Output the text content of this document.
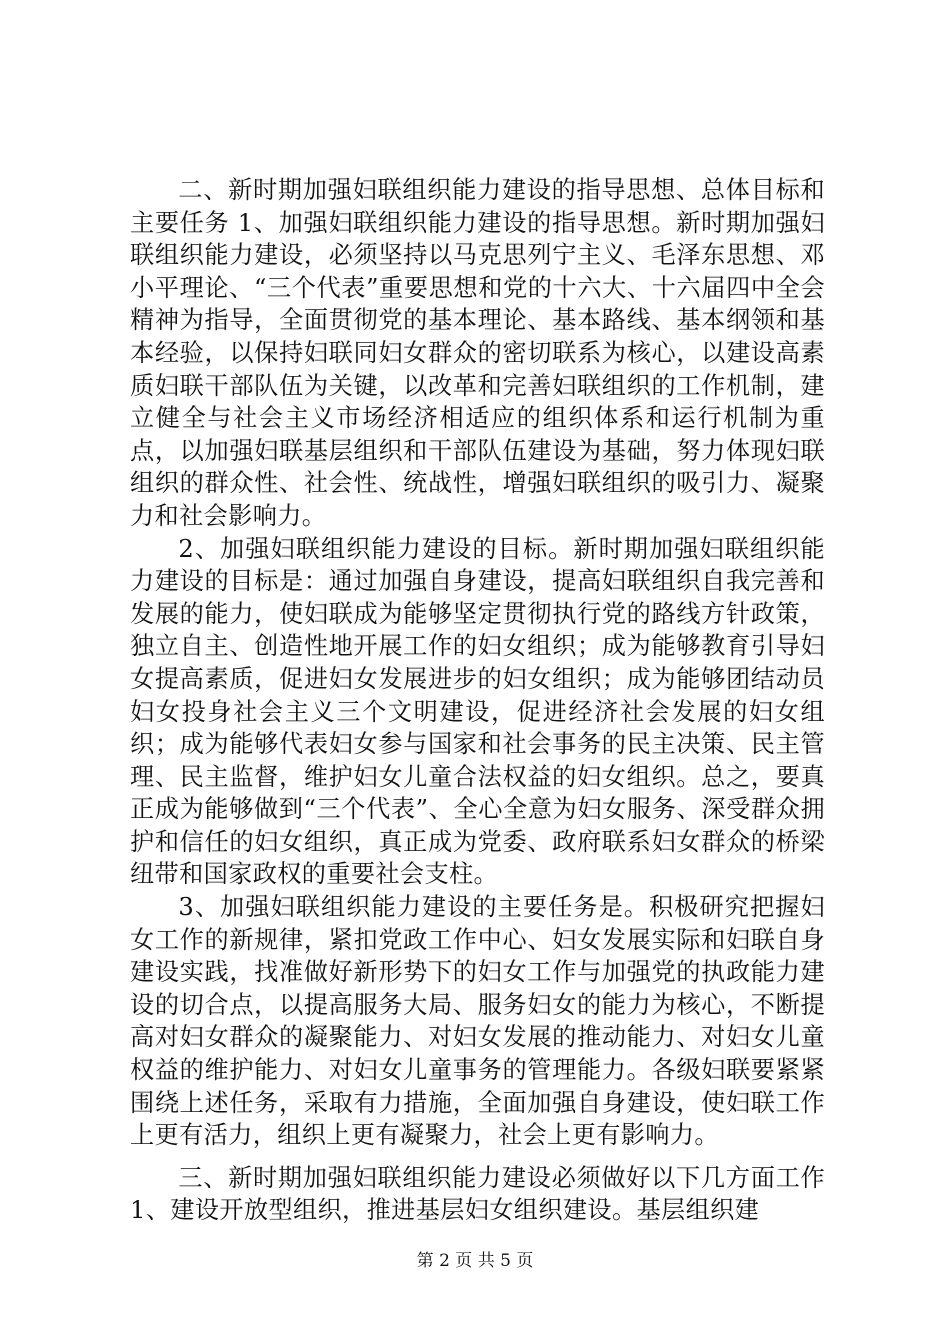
二、新时期加强妇联组织能力建设的指导思想、总体目标和主要任务 1、加强妇联组织能力建设的指导思想。新时期加强妇联组织能力建设，必须坚持以马克思列宁主义、毛泽东思想、邓小平理论、“三个代表”重要思想和党的十六大、十六届四中全会精神为指导，全面贯彻党的基本理论、基本路线、基本纲领和基本经验，以保持妇联同妇女群众的密切联系为核心，以建设高素质妇联干部队伍为关键，以改革和完善妇联组织的工作机制，建立健全与社会主义市场经济相适应的组织体系和运行机制为重点，以加强妇联基层组织和干部队伍建设为基础，努力体现妇联组织的群众性、社会性、统战性，增强妇联组织的吸引力、凝聚力和社会影响力。

2、加强妇联组织能力建设的目标。新时期加强妇联组织能力建设的目标是：通过加强自身建设，提高妇联组织自我完善和发展的能力，使妇联成为能够坚定贯彻执行党的路线方针政策，独立自主、创造性地开展工作的妇女组织；成为能够教育引导妇女提高素质，促进妇女发展进步的妇女组织；成为能够团结动员妇女投身社会主义三个文明建设，促进经济社会发展的妇女组织；成为能够代表妇女参与国家和社会事务的民主决策、民主管理、民主监督，维护妇女儿童合法权益的妇女组织。总之，要真正成为能够做到“三个代表”、全心全意为妇女服务、深受群众拥护和信任的妇女组织，真正成为党委、政府联系妇女群众的桥梁纽带和国家政权的重要社会支柱。

3、加强妇联组织能力建设的主要任务是。积极研究把握妇女工作的新规律，紧扣党政工作中心、妇女发展实际和妇联自身建设实践，找准做好新形势下的妇女工作与加强党的执政能力建设的切合点，以提高服务大局、服务妇女的能力为核心，不断提高对妇女群众的凝聚能力、对妇女发展的推动能力、对妇女儿童权益的维护能力、对妇女儿童事务的管理能力。各级妇联要紧紧围绕上述任务，采取有力措施，全面加强自身建设，使妇联工作上更有活力，组织上更有凝聚力，社会上更有影响力。

三、新时期加强妇联组织能力建设必须做好以下几方面工作 1、建设开放型组织，推进基层妇女组织建设。基层组织建

第 2 页 共 5 页
